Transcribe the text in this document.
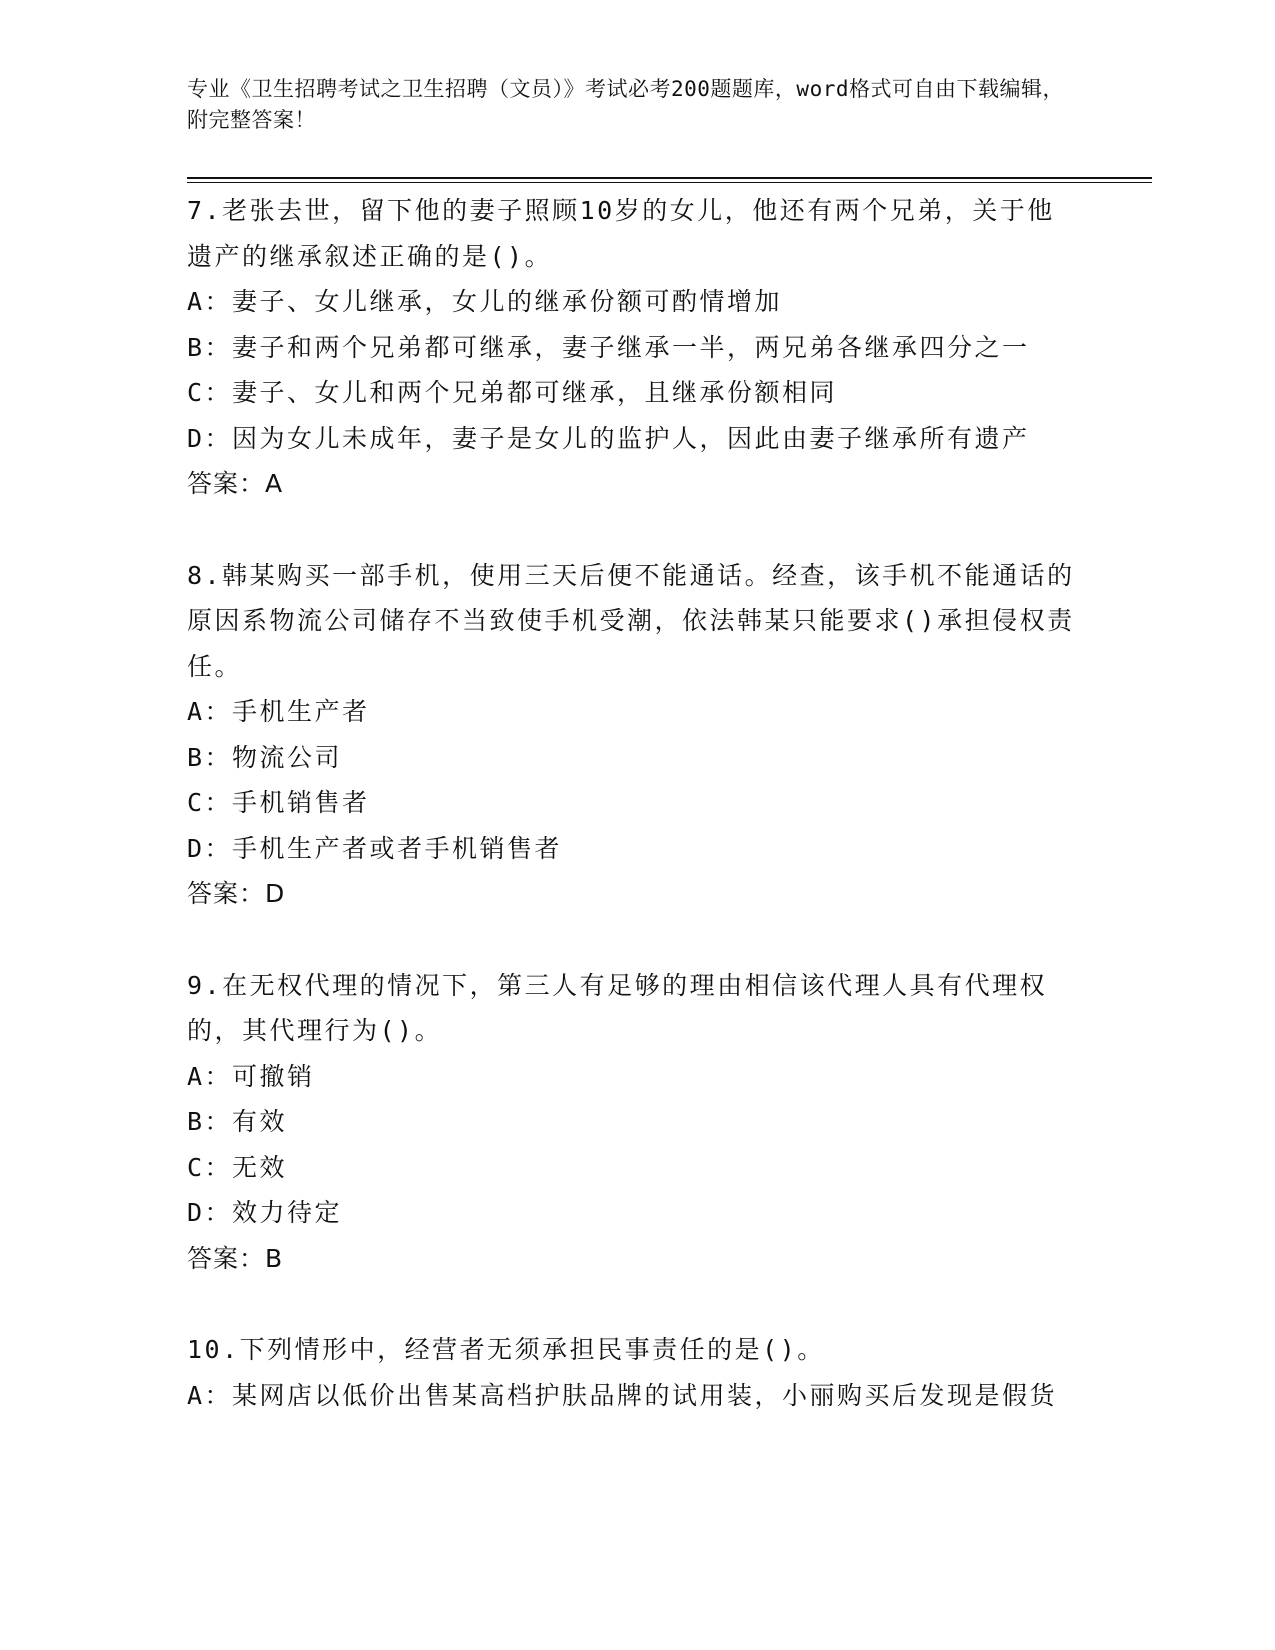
专业《卫生招聘考试之卫生招聘（文员）》考试必考200题题库，word格式可自由下载编辑，附完整答案！
7.老张去世，留下他的妻子照顾10岁的女儿，他还有两个兄弟，关于他遗产的继承叙述正确的是()。
A：妻子、女儿继承，女儿的继承份额可酌情增加
B：妻子和两个兄弟都可继承，妻子继承一半，两兄弟各继承四分之一
C：妻子、女儿和两个兄弟都可继承，且继承份额相同
D：因为女儿未成年，妻子是女儿的监护人，因此由妻子继承所有遗产
答案：A
8.韩某购买一部手机，使用三天后便不能通话。经查，该手机不能通话的原因系物流公司储存不当致使手机受潮，依法韩某只能要求()承担侵权责任。
A：手机生产者
B：物流公司
C：手机销售者
D：手机生产者或者手机销售者
答案：D
9.在无权代理的情况下，第三人有足够的理由相信该代理人具有代理权的，其代理行为()。
A：可撤销
B：有效
C：无效
D：效力待定
答案：B
10.下列情形中，经营者无须承担民事责任的是()。
A：某网店以低价出售某高档护肤品牌的试用装，小丽购买后发现是假货
